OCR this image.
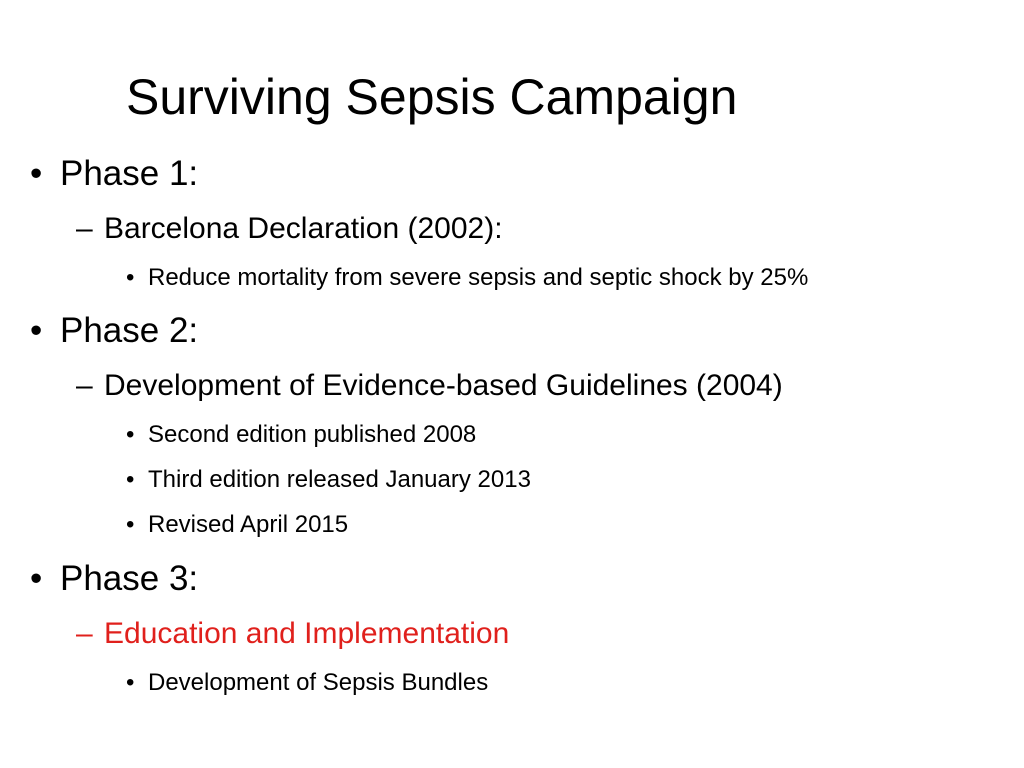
Surviving Sepsis Campaign
• Phase 1:
– Barcelona Declaration (2002):
• Reduce mortality from severe sepsis and septic shock by 25%
• Phase 2:
– Development of Evidence-based Guidelines (2004)
• Second edition published 2008
• Third edition released January 2013
• Revised April 2015
• Phase 3:
– Education and Implementation
• Development of Sepsis Bundles
